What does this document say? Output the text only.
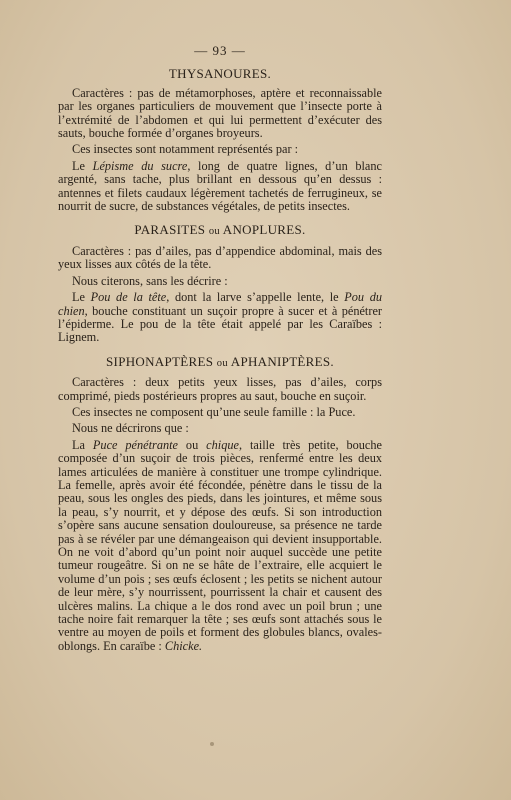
— 93 —
THYSANOURES.

Caractères : pas de métamorphoses, aptère et reconnaissable par les organes particuliers de mouvement que l’insecte porte à l’extrémité de l’abdomen et qui lui permettent d’exécuter des sauts, bouche formée d’organes broyeurs.

Ces insectes sont notamment représentés par :

Le Lépisme du sucre, long de quatre lignes, d’un blanc argenté, sans tache, plus brillant en dessous qu’en dessus : antennes et filets caudaux légèrement tachetés de ferrugineux, se nourrit de sucre, de substances végétales, de petits insectes.

PARASITES ou ANOPLURES.

Caractères : pas d’ailes, pas d’appendice abdominal, mais des yeux lisses aux côtés de la tête.

Nous citerons, sans les décrire :

Le Pou de la tête, dont la larve s’appelle lente, le Pou du chien, bouche constituant un suçoir propre à sucer et à pénétrer l’épiderme. Le pou de la tête était appelé par les Caraïbes : Lignem.

SIPHONAPTÈRES ou APHANIPTÈRES.

Caractères : deux petits yeux lisses, pas d’ailes, corps comprimé, pieds postérieurs propres au saut, bouche en suçoir.

Ces insectes ne composent qu’une seule famille : la Puce.

Nous ne décrirons que :

La Puce pénétrante ou chique, taille très petite, bouche composée d’un suçoir de trois pièces, renfermé entre les deux lames articulées de manière à constituer une trompe cylindrique. La femelle, après avoir été fécondée, pénètre dans le tissu de la peau, sous les ongles des pieds, dans les jointures, et même sous la peau, s’y nourrit, et y dépose des œufs. Si son introduction s’opère sans aucune sensation douloureuse, sa présence ne tarde pas à se révéler par une démangeaison qui devient insupportable. On ne voit d’abord qu’un point noir auquel succède une petite tumeur rougeâtre. Si on ne se hâte de l’extraire, elle acquiert le volume d’un pois ; ses œufs éclosent ; les petits se nichent autour de leur mère, s’y nourrissent, pourrissent la chair et causent des ulcères malins. La chique a le dos rond avec un poil brun ; une tache noire fait remarquer la tête ; ses œufs sont attachés sous le ventre au moyen de poils et forment des globules blancs, ovales-oblongs. En caraïbe : Chicke.
